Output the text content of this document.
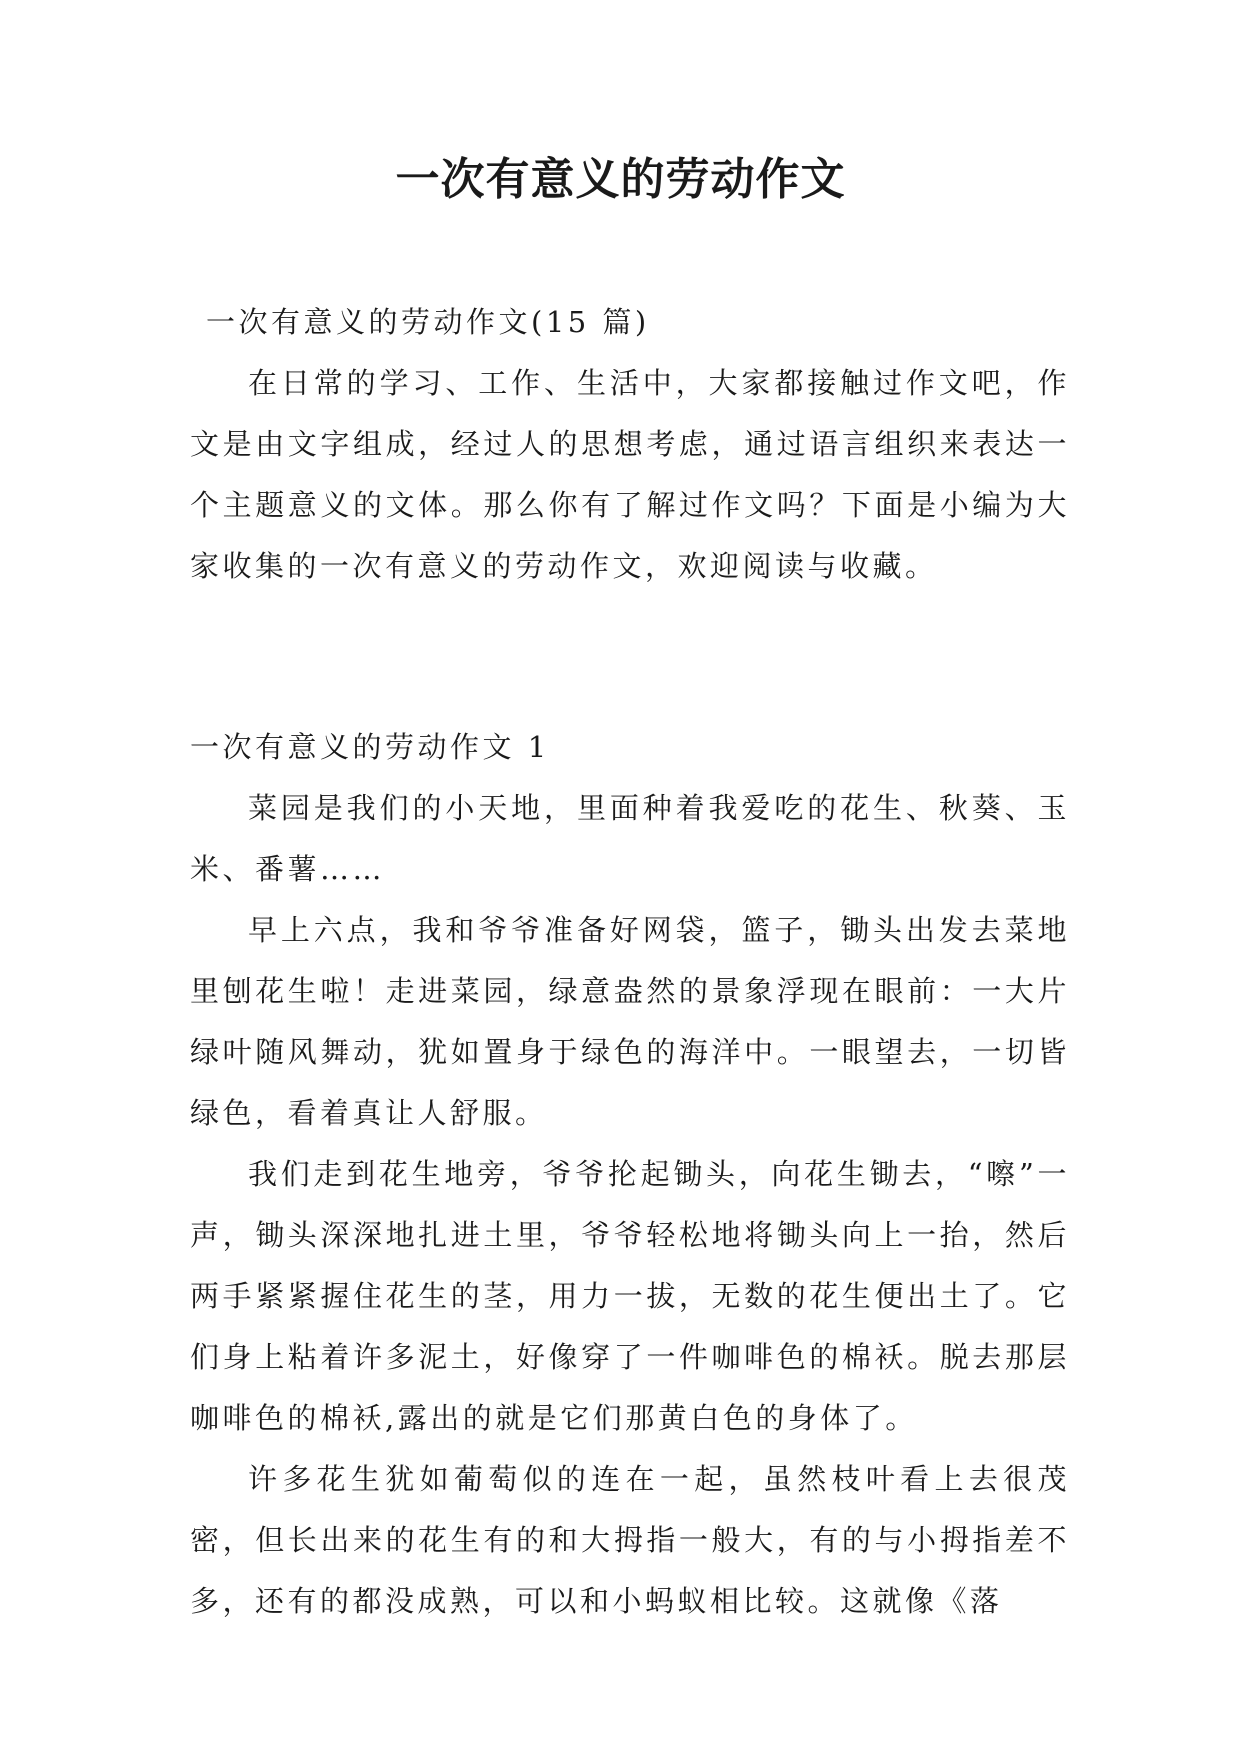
一次有意义的劳动作文

一次有意义的劳动作文(15 篇)

在日常的学习、工作、生活中，大家都接触过作文吧，作文是由文字组成，经过人的思想考虑，通过语言组织来表达一个主题意义的文体。那么你有了解过作文吗？下面是小编为大家收集的一次有意义的劳动作文，欢迎阅读与收藏。

一次有意义的劳动作文 1

菜园是我们的小天地，里面种着我爱吃的花生、秋葵、玉米、番薯……

早上六点，我和爷爷准备好网袋，篮子，锄头出发去菜地里刨花生啦！走进菜园，绿意盎然的景象浮现在眼前：一大片绿叶随风舞动，犹如置身于绿色的海洋中。一眼望去，一切皆绿色，看着真让人舒服。

我们走到花生地旁，爷爷抡起锄头，向花生锄去，“嚓”一声，锄头深深地扎进土里，爷爷轻松地将锄头向上一抬，然后两手紧紧握住花生的茎，用力一拔，无数的花生便出土了。它们身上粘着许多泥土，好像穿了一件咖啡色的棉袄。脱去那层咖啡色的棉袄,露出的就是它们那黄白色的身体了。

许多花生犹如葡萄似的连在一起，虽然枝叶看上去很茂密，但长出来的花生有的和大拇指一般大，有的与小拇指差不多，还有的都没成熟，可以和小蚂蚁相比较。这就像《落
